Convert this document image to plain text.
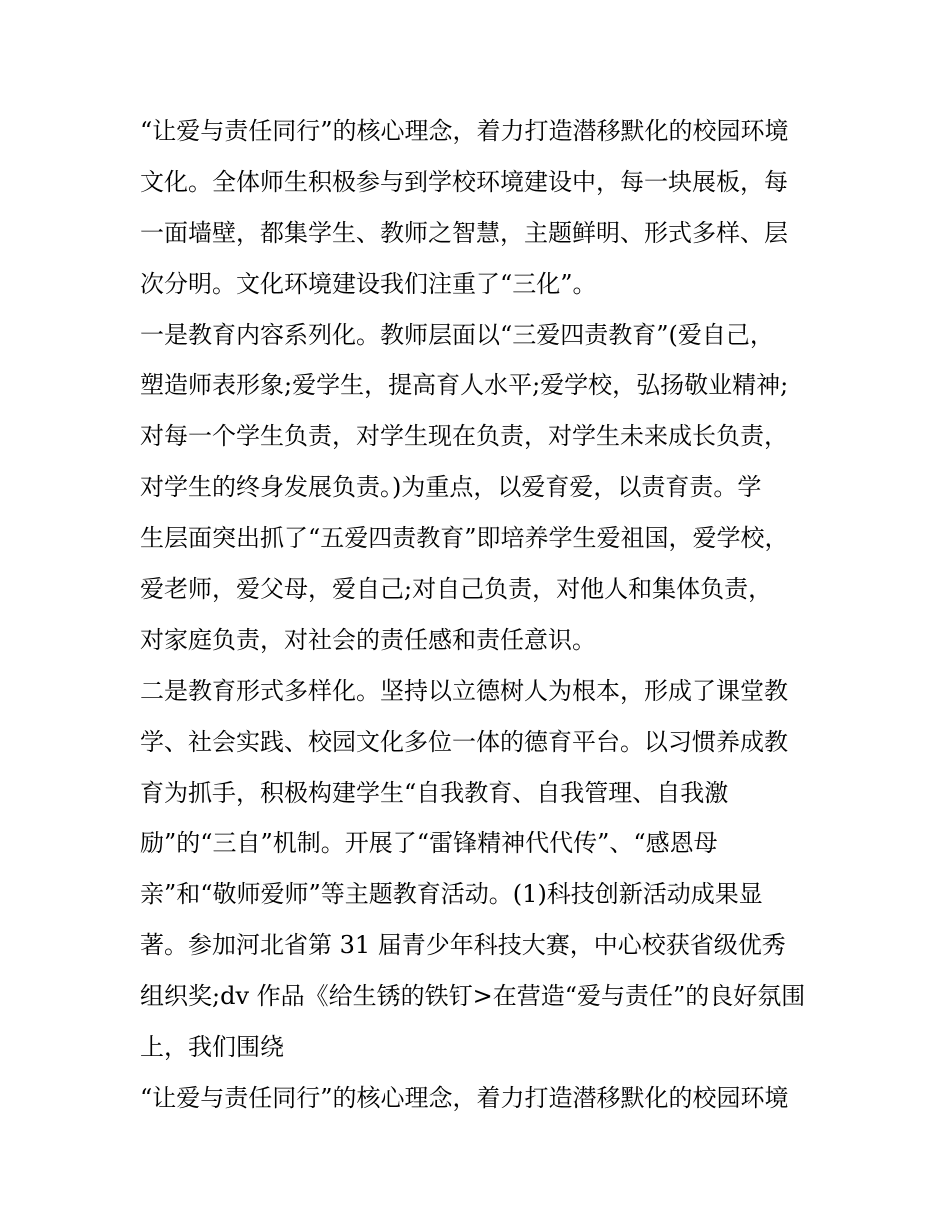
“让爱与责任同行”的核心理念，着力打造潜移默化的校园环境
文化。全体师生积极参与到学校环境建设中，每一块展板，每
一面墙壁，都集学生、教师之智慧，主题鲜明、形式多样、层
次分明。文化环境建设我们注重了“三化”。
一是教育内容系列化。教师层面以“三爱四责教育”(爱自己，
塑造师表形象;爱学生，提高育人水平;爱学校，弘扬敬业精神;
对每一个学生负责，对学生现在负责，对学生未来成长负责，
对学生的终身发展负责。)为重点，以爱育爱，以责育责。学
生层面突出抓了“五爱四责教育”即培养学生爱祖国，爱学校，
爱老师，爱父母，爱自己;对自己负责，对他人和集体负责，
对家庭负责，对社会的责任感和责任意识。
二是教育形式多样化。坚持以立德树人为根本，形成了课堂教
学、社会实践、校园文化多位一体的德育平台。以习惯养成教
育为抓手，积极构建学生“自我教育、自我管理、自我激
励”的“三自”机制。开展了“雷锋精神代代传”、“感恩母
亲”和“敬师爱师”等主题教育活动。(1)科技创新活动成果显
著。参加河北省第 31 届青少年科技大赛，中心校获省级优秀
组织奖;dv 作品《给生锈的铁钉>在营造“爱与责任”的良好氛围
上，我们围绕
“让爱与责任同行”的核心理念，着力打造潜移默化的校园环境
